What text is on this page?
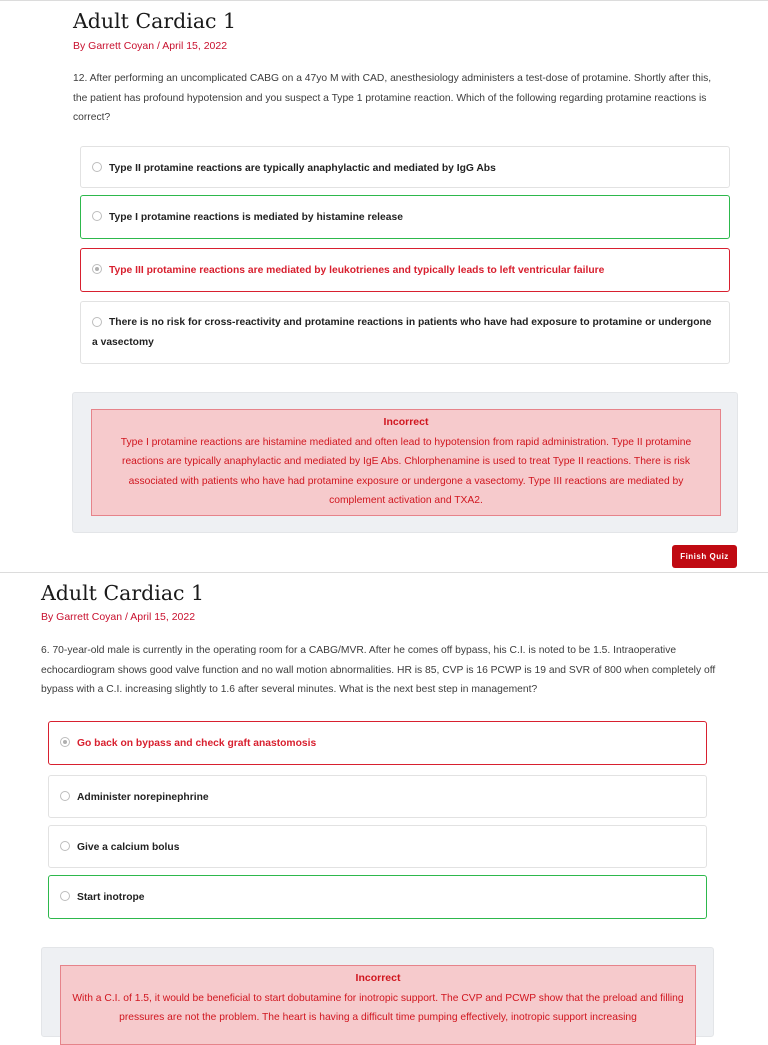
Adult Cardiac 1
By Garrett Coyan / April 15, 2022

12. After performing an uncomplicated CABG on a 47yo M with CAD, anesthesiology administers a test-dose of protamine. Shortly after this, the patient has profound hypotension and you suspect a Type 1 protamine reaction. Which of the following regarding protamine reactions is correct?

Type II protamine reactions are typically anaphylactic and mediated by IgG Abs
Type I protamine reactions is mediated by histamine release
Type III protamine reactions are mediated by leukotrienes and typically leads to left ventricular failure
There is no risk for cross-reactivity and protamine reactions in patients who have had exposure to protamine or undergone a vasectomy
Incorrect

Type I protamine reactions are histamine mediated and often lead to hypotension from rapid administration. Type II protamine reactions are typically anaphylactic and mediated by IgE Abs. Chlorphenamine is used to treat Type II reactions. There is risk associated with patients who have had protamine exposure or undergone a vasectomy. Type III reactions are mediated by complement activation and TXA2.

Finish Quiz
Adult Cardiac 1
By Garrett Coyan / April 15, 2022

6. 70-year-old male is currently in the operating room for a CABG/MVR. After he comes off bypass, his C.I. is noted to be 1.5. Intraoperative echocardiogram shows good valve function and no wall motion abnormalities. HR is 85, CVP is 16 PCWP is 19 and SVR of 800 when completely off bypass with a C.I. increasing slightly to 1.6 after several minutes. What is the next best step in management?

Go back on bypass and check graft anastomosis
Administer norepinephrine
Give a calcium bolus
Start inotrope
Incorrect

With a C.I. of 1.5, it would be beneficial to start dobutamine for inotropic support. The CVP and PCWP show that the preload and filling pressures are not the problem. The heart is having a difficult time pumping effectively, inotropic support increasing
